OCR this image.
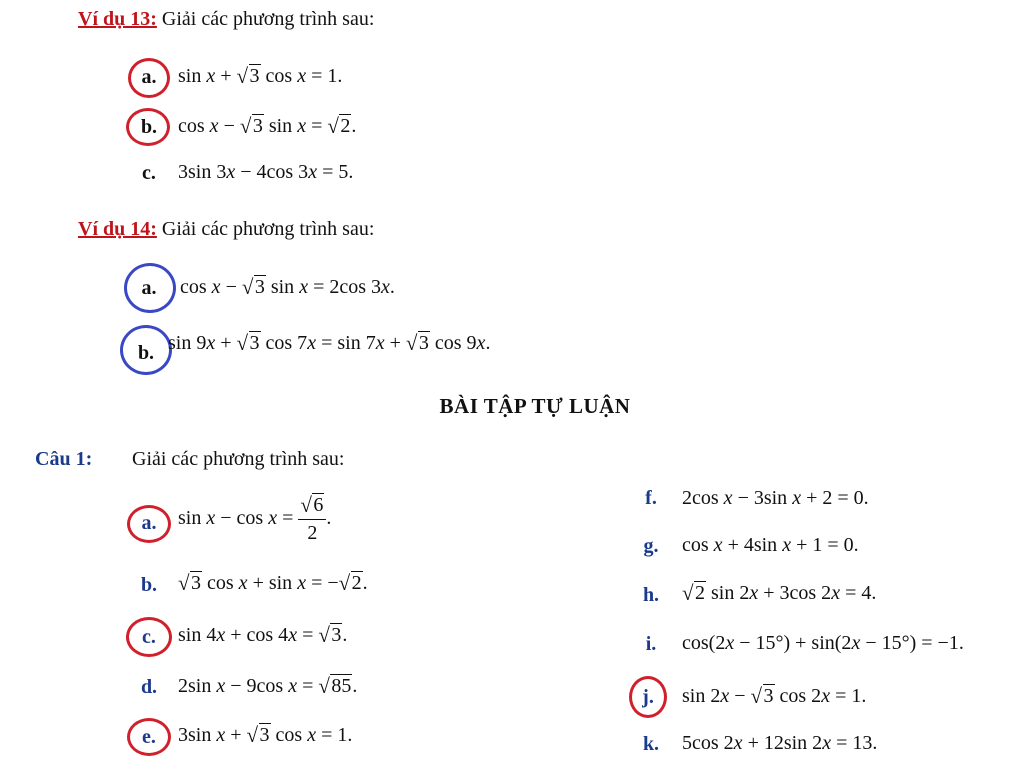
Ví dụ 13: Giải các phương trình sau:
a. sin x + √ 3 cos x = 1.
b. cos x − √ 3 sin x = √ 2.
c. 3sin 3x − 4cos 3x = 5.
Ví dụ 14: Giải các phương trình sau:
a. cos x − √ 3 sin x = 2cos 3x.
b. sin 9x + √ 3 cos 7x = sin 7x + √ 3 cos 9x.
BÀI TẬP TỰ LUẬN
Câu 1: Giải các phương trình sau:
a. sin x − cos x = √ $\frac{6}{2}$ .
b.	√ 3 cos x + sin x = − √ 2.
c. sin 4x + cos 4x = √ 3.
d. 2sin x − 9cos x = √ 85.
e. 3sin x + √ 3 cos x = 1.
f.	2cos x − 3sin x + 2 = 0.
g. cos x + 4sin x + 1 = 0.
h.	√ 2 sin 2x + 3cos 2x = 4.
i.	cos(2x − 15°) + sin(2x − 15°) = −1.
j.	sin 2x − √ 3 cos 2x = 1.
k. 5cos 2x + 12sin 2x = 13.
